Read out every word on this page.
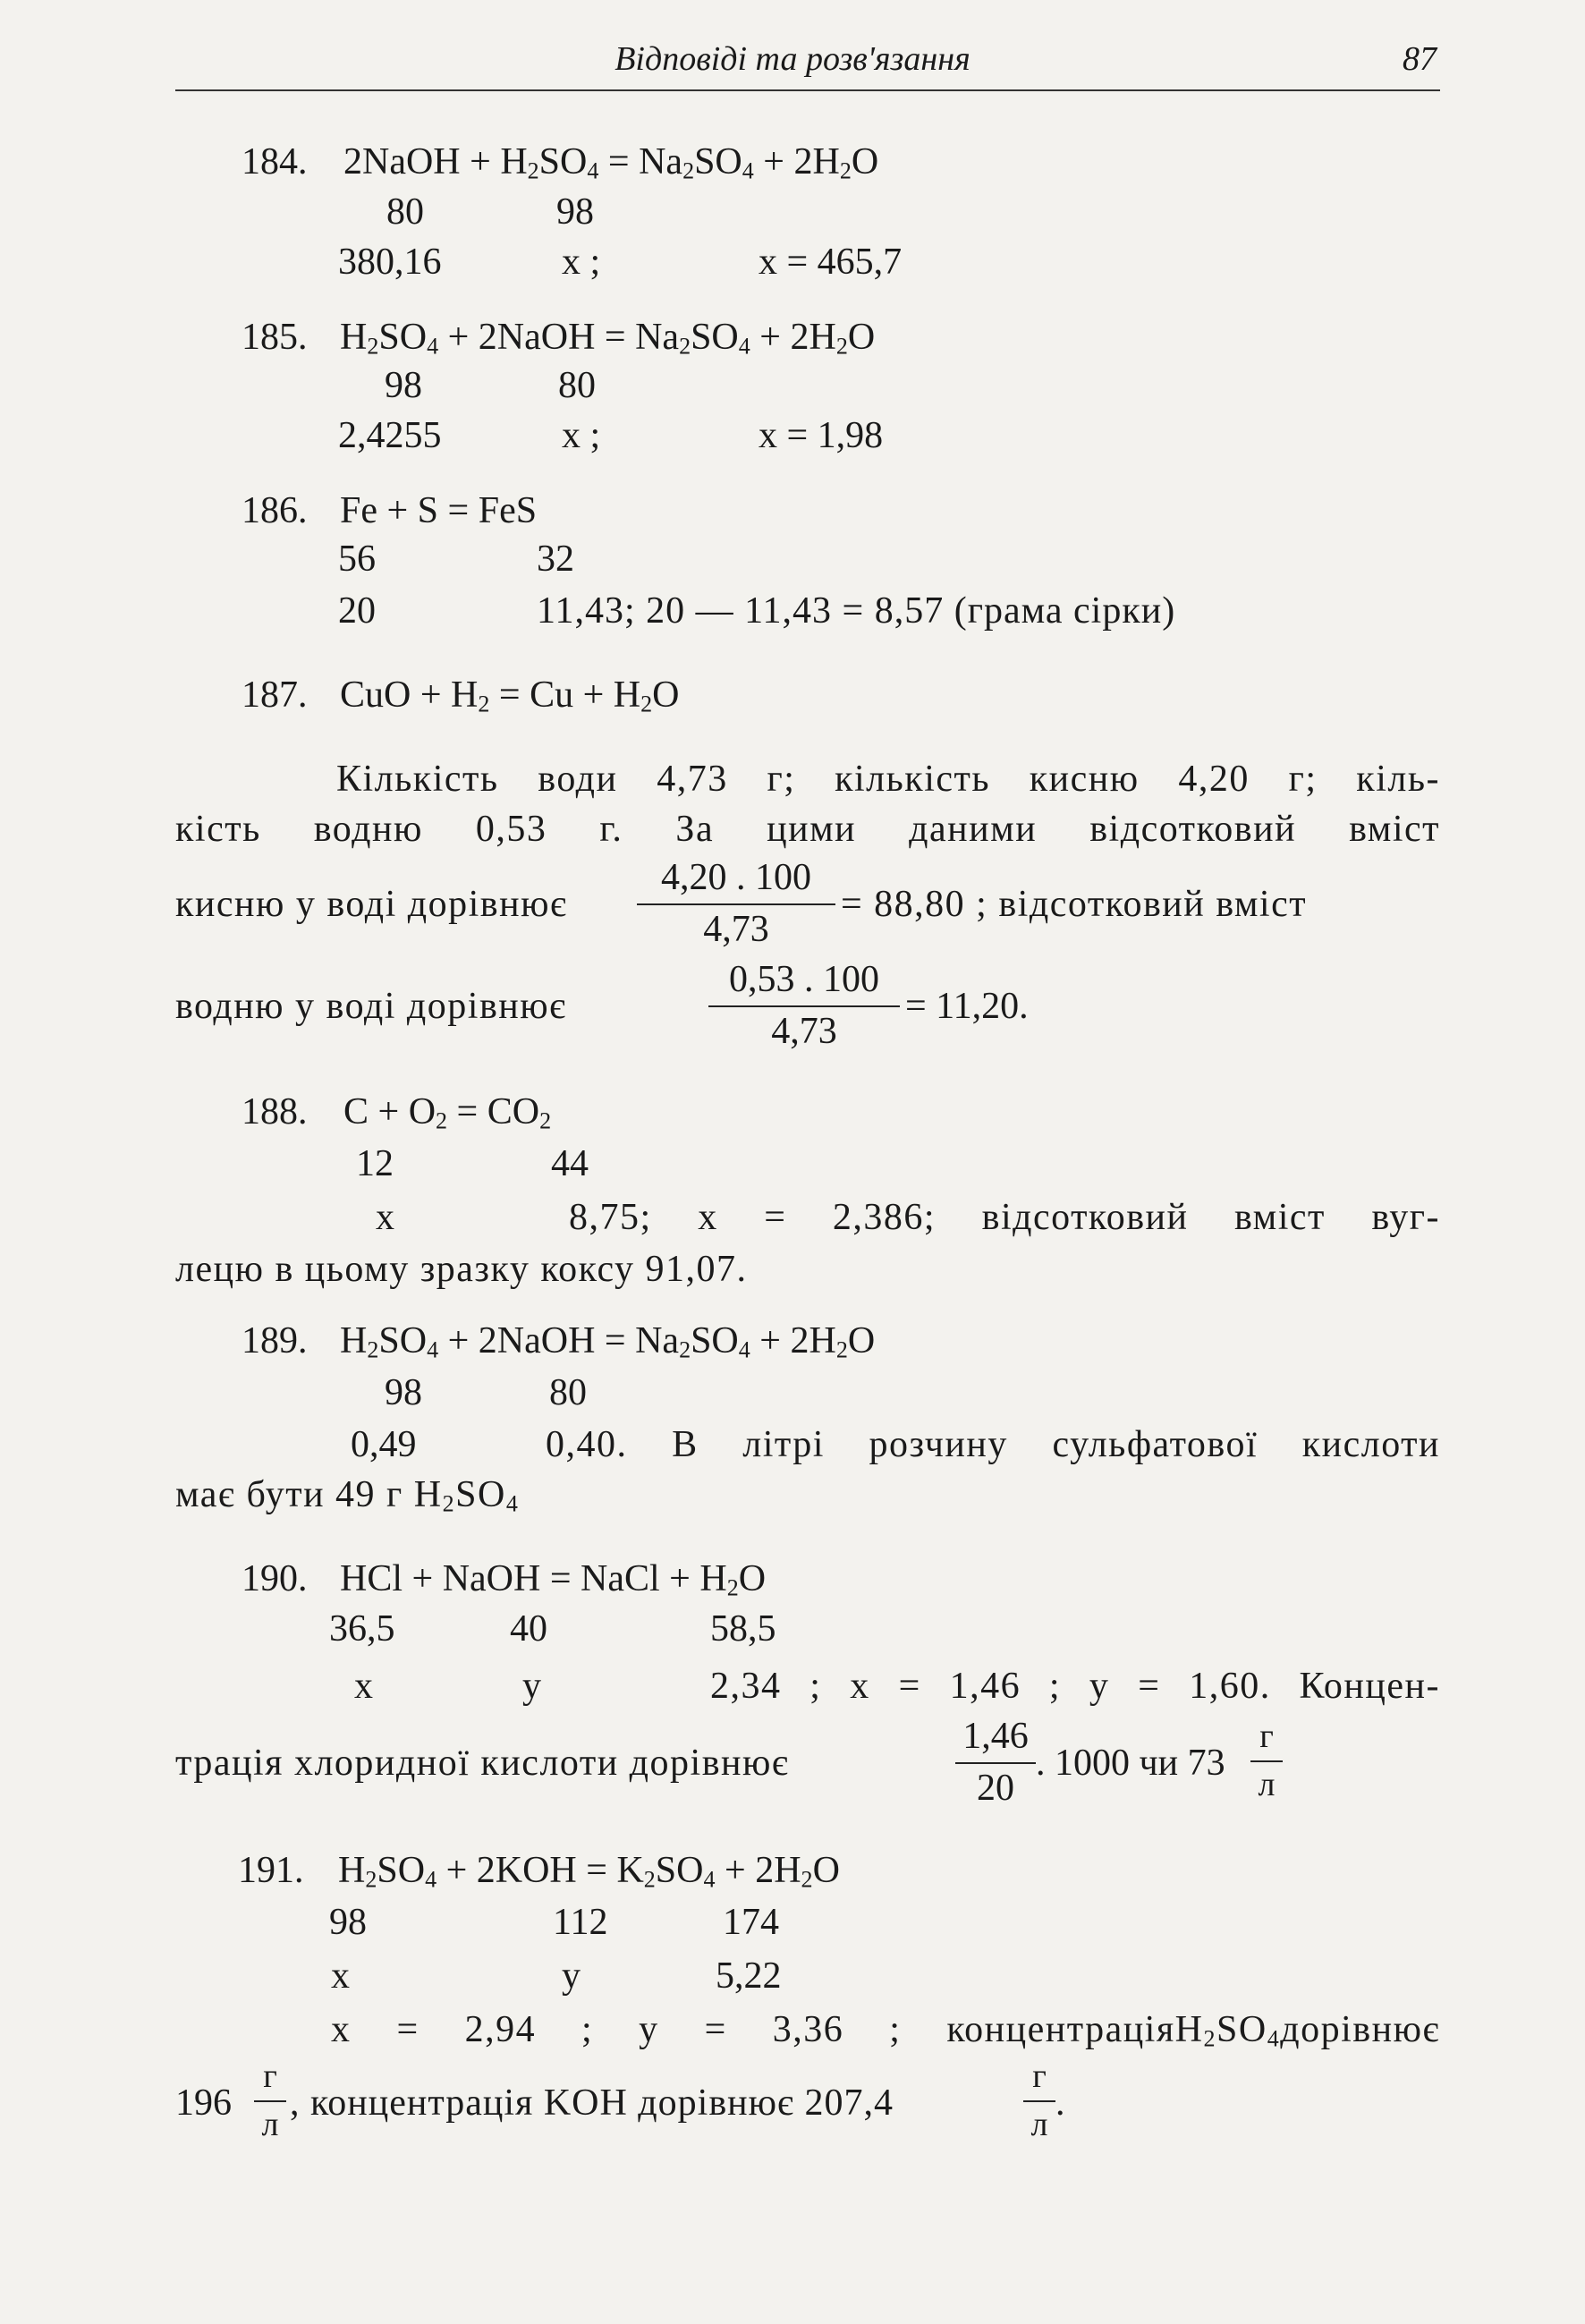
Відповіді та розв'язання	87
184. 2NaOH + $H_2SO_4 = Na_2SO_4 + 2H_2O$
80	98
380,16	x ;	x = 465,7
185. $H_2SO_4$ + 2NaOH = $Na_2SO_4 + 2H_2O$
98	80
2,4255	x ;	x = 1,98
186. Fe + S = FeS
56	32
20	11,43; 20 — 11,43 = 8,57 (грама сірки)
187. CuO + $H_2 = Cu + H_2O$
Кількість води 4,73 г; кількість кисню 4,20 г; кіль-
кість водню 0,53 г. За цими даними відсотковий вміст
кисню у воді дорівнює
4,20 . 100
4,73
= 88,80 ; відсотковий вміст
водню у воді дорівнює
0,53 . 100
4,73
= 11,20.
188. $C + O_2 = CO_2$
12	44
x	8,75; x = 2,386; відсотковий вміст вуг-
лецю в цьому зразку коксу 91,07.
189. $H_2SO_4$ + 2NaOH = $Na_2SO_4 + 2H_2O$
98	80
0,49	0,40. В літрі розчину сульфатової кислоти
має бути 49 г $H_2SO_4$
190. HCl + NaOH = NaCl + $H_2O$
36,5	40	58,5
x	y	2,34 ; x = 1,46 ; y = 1,60. Концен-
трація хлоридної кислоти дорівнює
1,46
20
. 1000 чи 73
г
л
191. $H_2SO_4 + 2KOH = K_2SO_4 + 2H_2O$
98	112	174
x	y	5,22
x = 2,94 ; y = 3,36 ; $концентраціяH_2SO_4дорівнює$
196
г
л
, концентрація KOH дорівнює 207,4
г
л
.
